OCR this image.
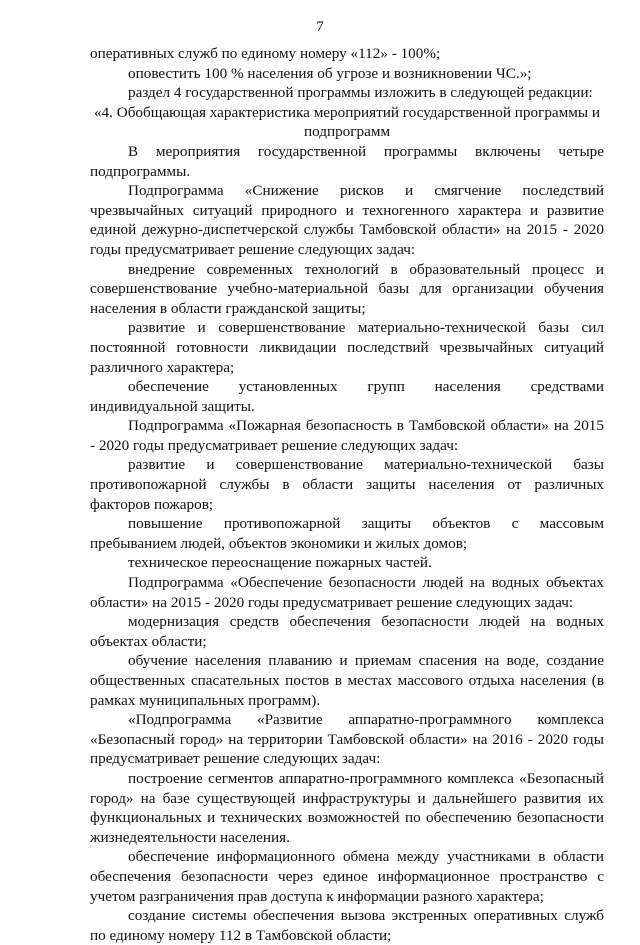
7

оперативных служб по единому номеру «112» - 100%;

оповестить 100 % населения об угрозе и возникновении ЧС.»;

раздел 4 государственной программы изложить в следующей редакции:

«4. Обобщающая характеристика мероприятий государственной программы и подпрограмм

В мероприятия государственной программы включены четыре подпрограммы.

Подпрограмма «Снижение рисков и смягчение последствий чрезвычайных ситуаций природного и техногенного характера и развитие единой дежурно-диспетчерской службы Тамбовской области» на 2015 - 2020 годы предусматривает решение следующих задач:

внедрение современных технологий в образовательный процесс и совершенствование учебно-материальной базы для организации обучения населения в области гражданской защиты;

развитие и совершенствование материально-технической базы сил постоянной готовности ликвидации последствий чрезвычайных ситуаций различного характера;

обеспечение установленных групп населения средствами индивидуальной защиты.

Подпрограмма «Пожарная безопасность в Тамбовской области» на 2015 - 2020 годы предусматривает решение следующих задач:

развитие и совершенствование материально-технической базы противопожарной службы в области защиты населения от различных факторов пожаров;

повышение противопожарной защиты объектов с массовым пребыванием людей, объектов экономики и жилых домов;

техническое переоснащение пожарных частей.

Подпрограмма «Обеспечение безопасности людей на водных объектах области» на 2015 - 2020 годы предусматривает решение следующих задач:

модернизация средств обеспечения безопасности людей на водных объектах области;

обучение населения плаванию и приемам спасения на воде, создание общественных спасательных постов в местах массового отдыха населения (в рамках муниципальных программ).

«Подпрограмма «Развитие аппаратно-программного комплекса «Безопасный город» на территории Тамбовской области» на 2016 - 2020 годы предусматривает решение следующих задач:

построение сегментов аппаратно-программного комплекса «Безопасный город» на базе существующей инфраструктуры и дальнейшего развития их функциональных и технических возможностей по обеспечению безопасности жизнедеятельности населения.

обеспечение информационного обмена между участниками в области обеспечения безопасности через единое информационное пространство с учетом разграничения прав доступа к информации разного характера;

создание системы обеспечения вызова экстренных оперативных служб по единому номеру 112 в Тамбовской области;
